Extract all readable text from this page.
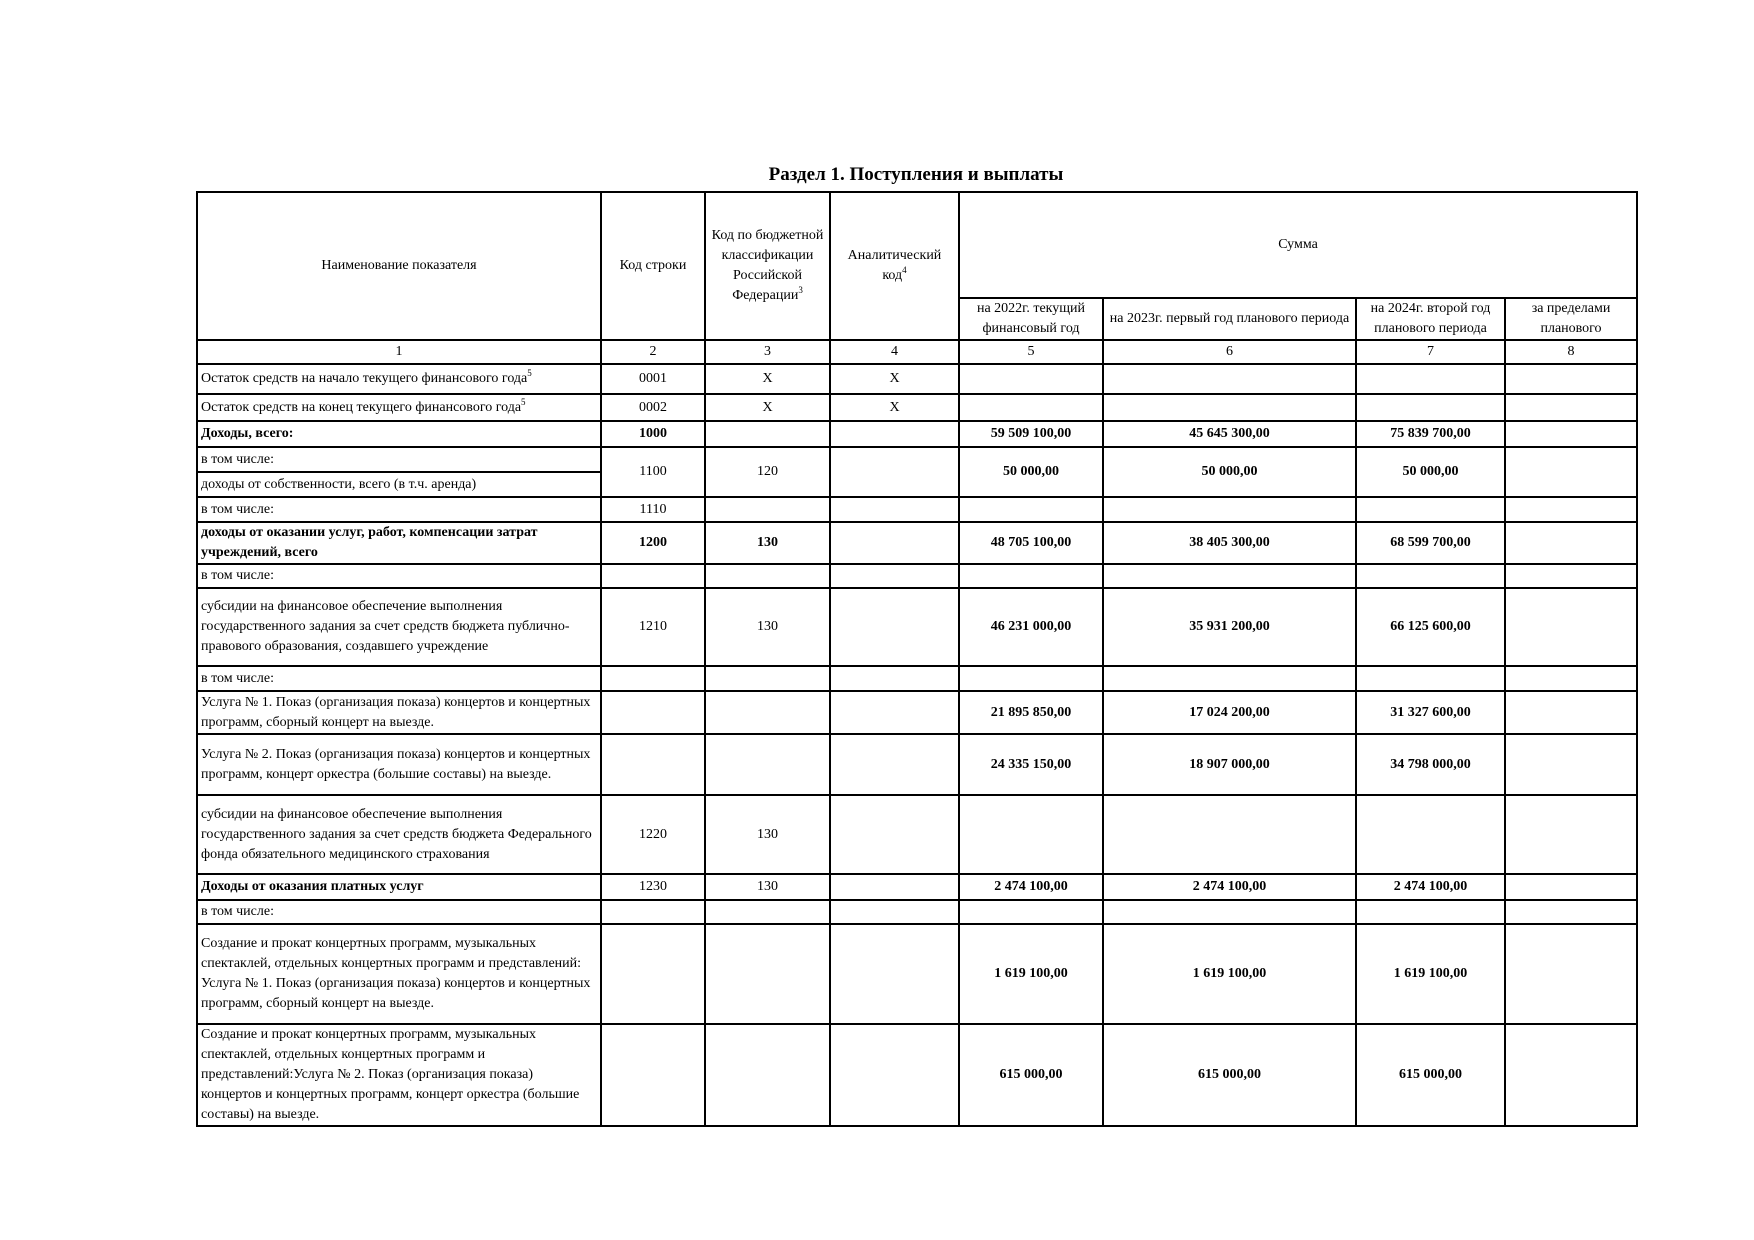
Раздел 1. Поступления и выплаты
Наименование показателя	Код строки	Код по бюджетной классификации Российской Федерации$^3$	Аналитический код$^4$	Сумма			
				на 2022г. текущий финансовый год	на 2023г. первый год планового периода	на 2024г. второй год планового периода	за пределами планового
1	2	3	4	5	6	7	8
Остаток средств на начало текущего финансового года$^5$	0001	X	X				
Остаток средств на конец текущего финансового года$^5$	0002	X	X				
Доходы, всего:	1000			59 509 100,00	45 645 300,00	75 839 700,00	
в том числе:	1100	120		50 000,00	50 000,00	50 000,00	
доходы от собственности, всего (в т.ч. аренда)							
в том числе:	1110						
доходы от оказании услуг, работ, компенсации затрат учреждений, всего	1200	130		48 705 100,00	38 405 300,00	68 599 700,00	
в том числе:							
субсидии на финансовое обеспечение выполнения государственного задания за счет средств бюджета публично-правового образования, создавшего учреждение	1210	130		46 231 000,00	35 931 200,00	66 125 600,00	
в том числе:							
Услуга № 1. Показ (организация показа) концертов и концертных программ, сборный концерт на выезде.				21 895 850,00	17 024 200,00	31 327 600,00	
Услуга № 2. Показ (организация показа) концертов и концертных программ, концерт оркестра (большие составы) на выезде.				24 335 150,00	18 907 000,00	34 798 000,00	
субсидии на финансовое обеспечение выполнения государственного задания за счет средств бюджета Федерального фонда обязательного медицинского страхования	1220	130					
Доходы от оказания платных услуг	1230	130		2 474 100,00	2 474 100,00	2 474 100,00	
в том числе:							
Создание и прокат концертных программ, музыкальных спектаклей, отдельных концертных программ и представлений: Услуга № 1. Показ (организация показа) концертов и концертных программ, сборный концерт на выезде.				1 619 100,00	1 619 100,00	1 619 100,00	
Создание и прокат концертных программ, музыкальных спектаклей, отдельных концертных программ и представлений:Услуга № 2. Показ (организация показа) концертов и концертных программ, концерт оркестра (большие составы) на выезде.				615 000,00	615 000,00	615 000,00	
